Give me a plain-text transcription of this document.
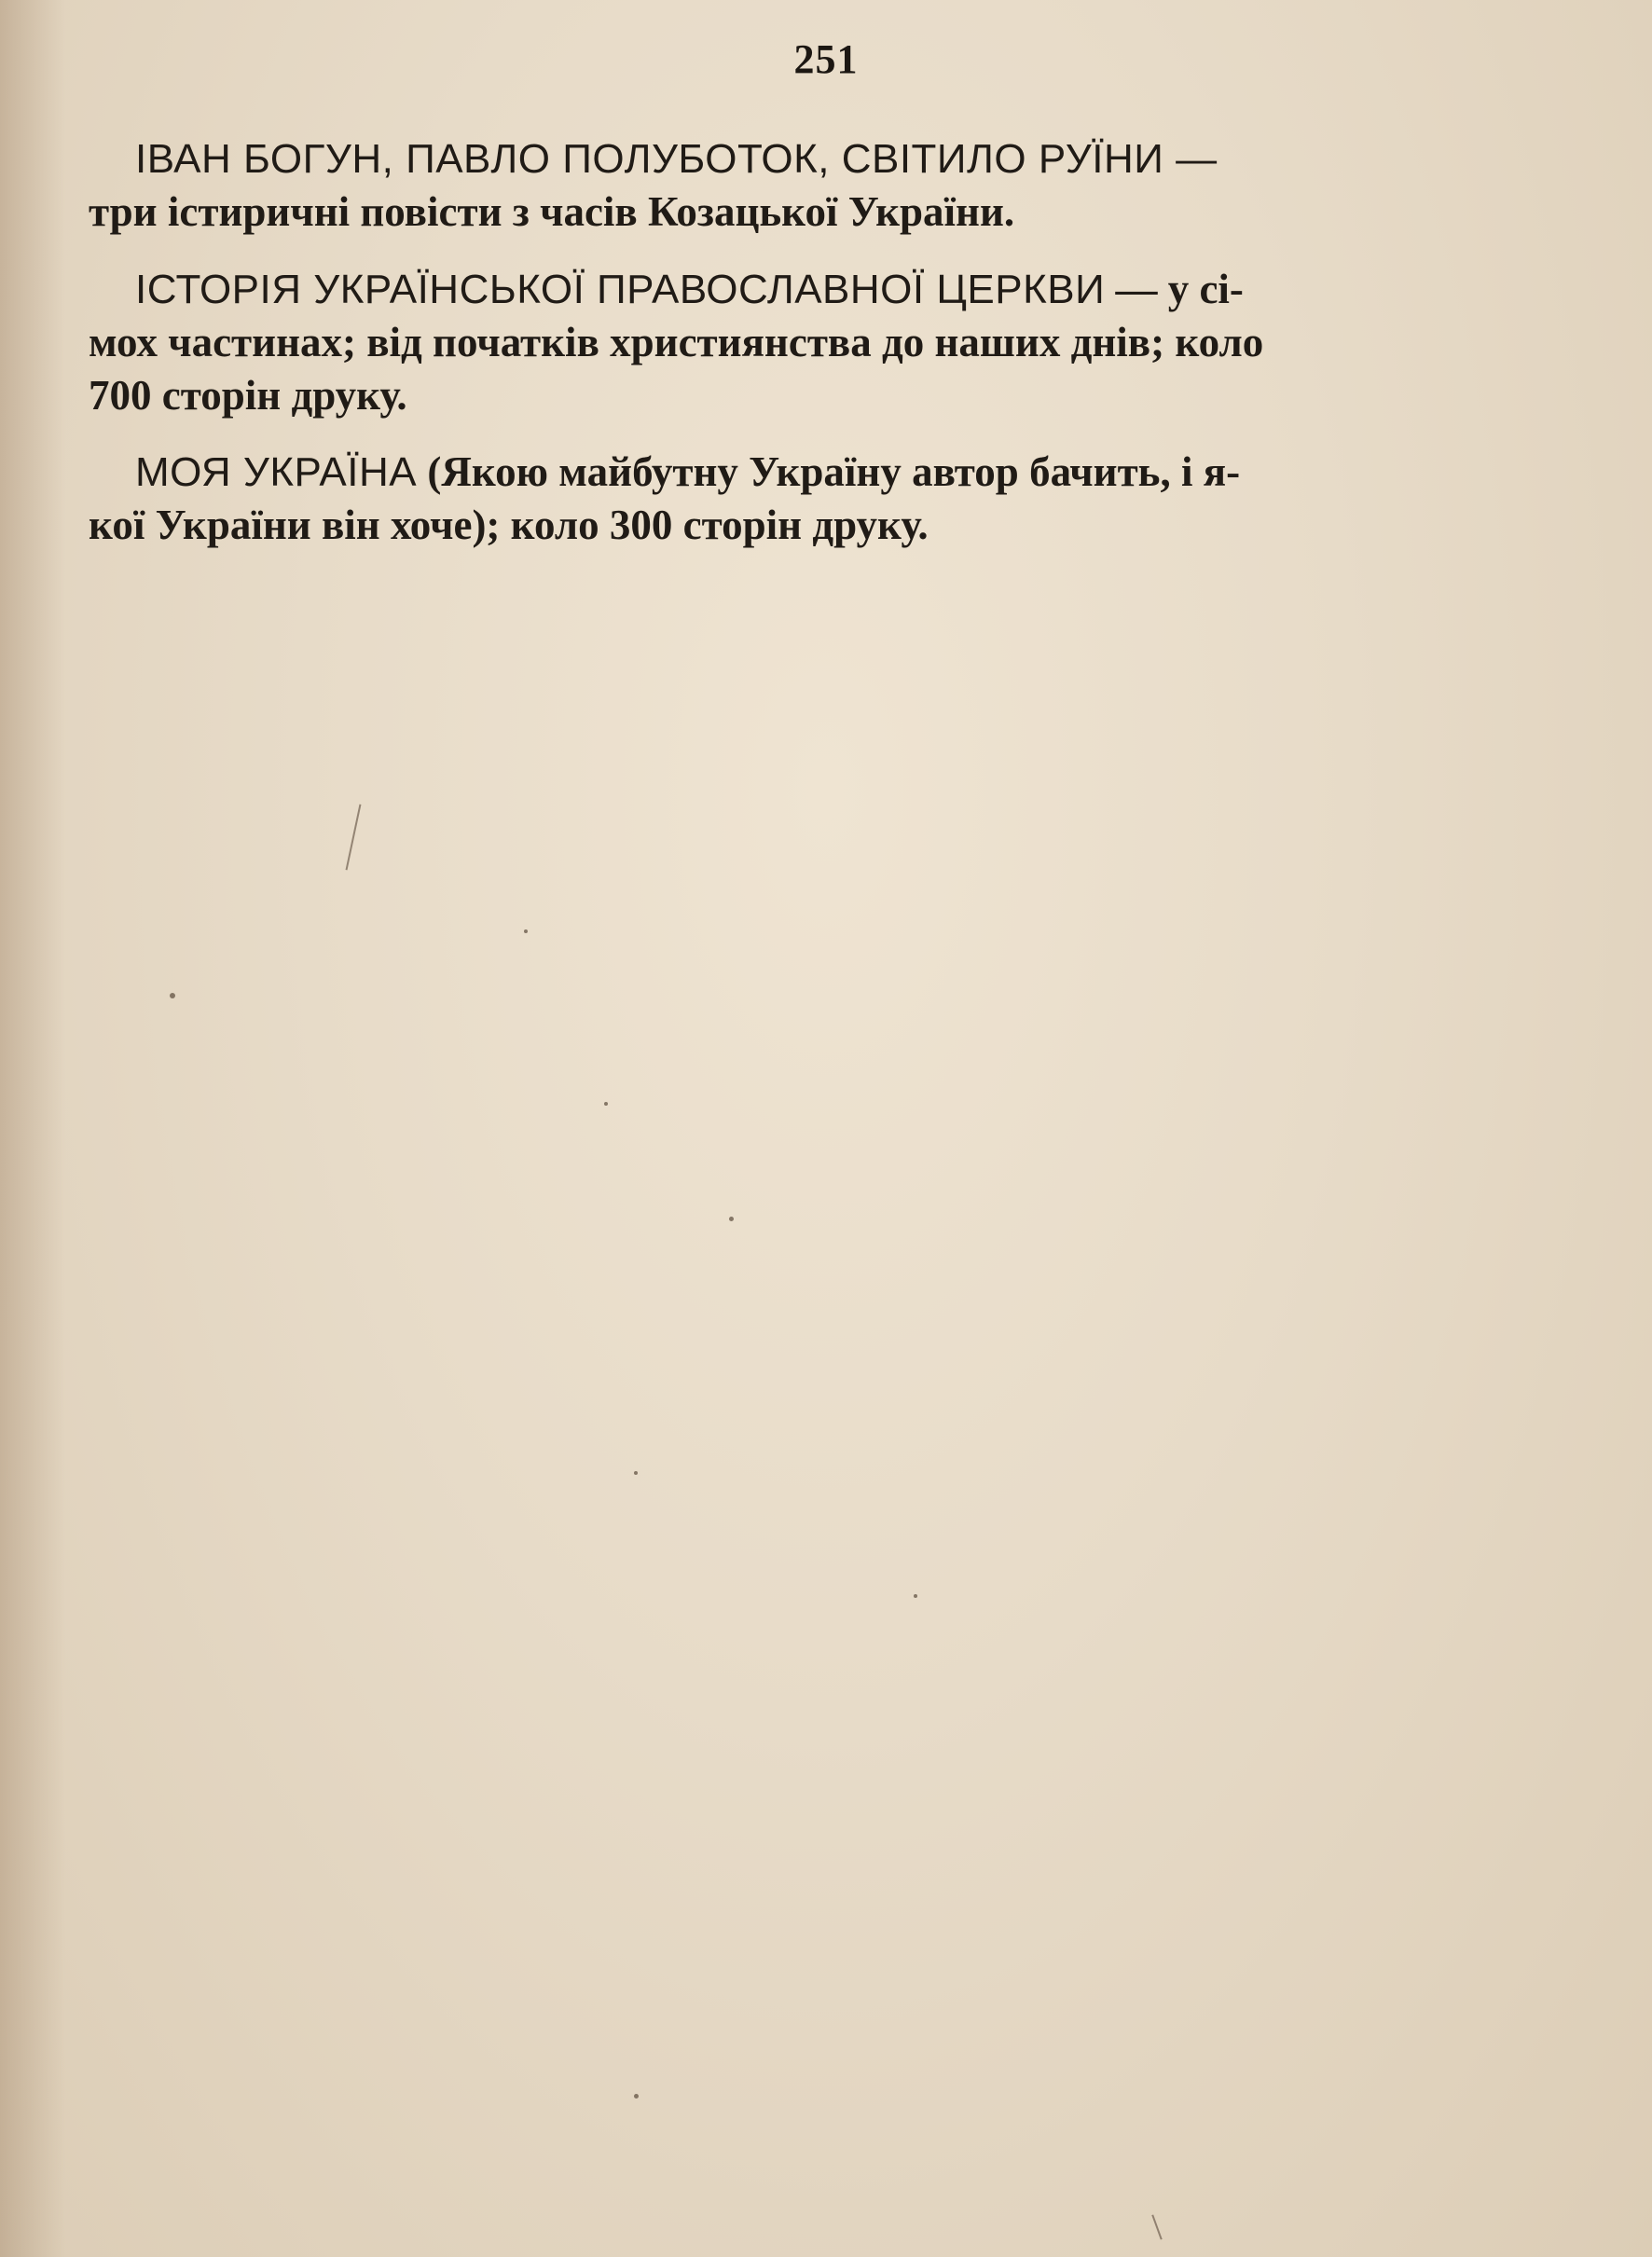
251

ІВАН БОГУН, ПАВЛО ПОЛУБОТОК, СВІТИЛО РУЇНИ —
три істиричні повісти з часів Козацької України.

ІСТОРІЯ УКРАЇНСЬКОЇ ПРАВОСЛАВНОЇ ЦЕРКВИ — у сі-
мох частинах; від початків християнства до наших днів; коло
700 сторін друку.

МОЯ УКРАЇНА (Якою майбутну Україну автор бачить, і я-
кої України він хоче); коло 300 сторін друку.
